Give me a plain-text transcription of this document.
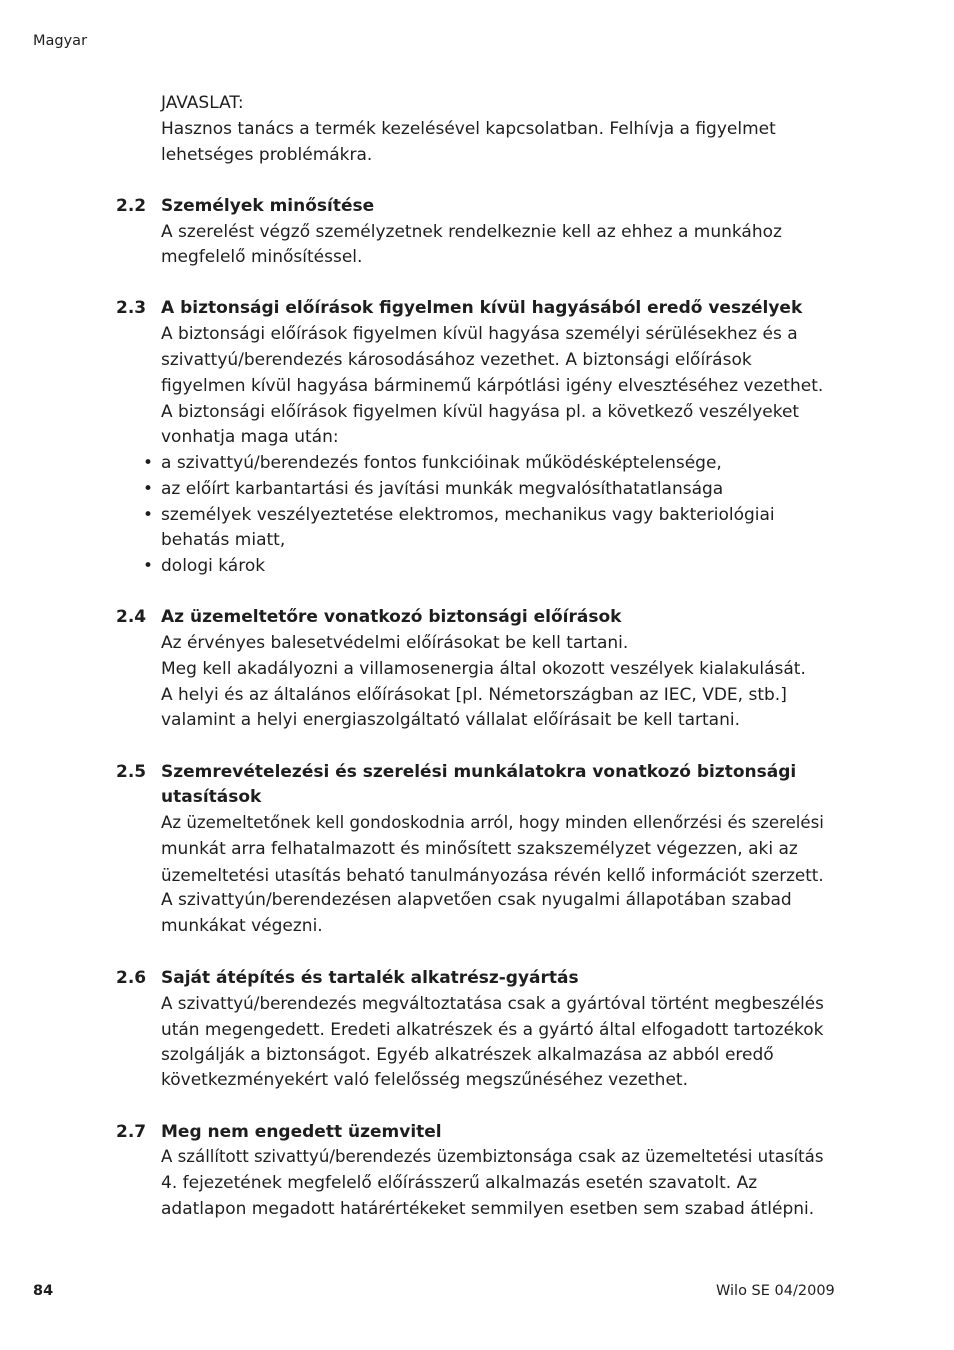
Magyar
JAVASLAT:
Hasznos tanács a termék kezelésével kapcsolatban. Felhívja a figyelmet
lehetséges problémákra.
2.2 Személyek minősítése
A szerelést végző személyzetnek rendelkeznie kell az ehhez a munkához
megfelelő minősítéssel.
2.3 A biztonsági előírások figyelmen kívül hagyásából eredő veszélyek
A biztonsági előírások figyelmen kívül hagyása személyi sérülésekhez és a
szivattyú/berendezés károsodásához vezethet. A biztonsági előírások
figyelmen kívül hagyása bárminemű kárpótlási igény elvesztéséhez vezethet.
A biztonsági előírások figyelmen kívül hagyása pl. a következő veszélyeket
vonhatja maga után:
• a szivattyú/berendezés fontos funkcióinak működésképtelensége,
• az előírt karbantartási és javítási munkák megvalósíthatatlansága
• személyek veszélyeztetése elektromos, mechanikus vagy bakteriológiai
behatás miatt,
• dologi károk
2.4 Az üzemeltetőre vonatkozó biztonsági előírások
Az érvényes balesetvédelmi előírásokat be kell tartani.
Meg kell akadályozni a villamosenergia által okozott veszélyek kialakulását.
A helyi és az általános előírásokat [pl. Németországban az IEC, VDE, stb.]
valamint a helyi energiaszolgáltató vállalat előírásait be kell tartani.
2.5 Szemrevételezési és szerelési munkálatokra vonatkozó biztonsági
utasítások
Az üzemeltetőnek kell gondoskodnia arról, hogy minden ellenőrzési és szerelési
munkát arra felhatalmazott és minősített szakszemélyzet végezzen, aki az
üzemeltetési utasítás beható tanulmányozása révén kellő információt szerzett.
A szivattyún/berendezésen alapvetően csak nyugalmi állapotában szabad
munkákat végezni.
2.6 Saját átépítés és tartalék alkatrész-gyártás
A szivattyú/berendezés megváltoztatása csak a gyártóval történt megbeszélés
után megengedett. Eredeti alkatrészek és a gyártó által elfogadott tartozékok
szolgálják a biztonságot. Egyéb alkatrészek alkalmazása az abból eredő
következményekért való felelősség megszűnéséhez vezethet.
2.7 Meg nem engedett üzemvitel
A szállított szivattyú/berendezés üzembiztonsága csak az üzemeltetési utasítás
4. fejezetének megfelelő előírásszerű alkalmazás esetén szavatolt. Az
adatlapon megadott határértékeket semmilyen esetben sem szabad átlépni.
84	Wilo SE 04/2009
